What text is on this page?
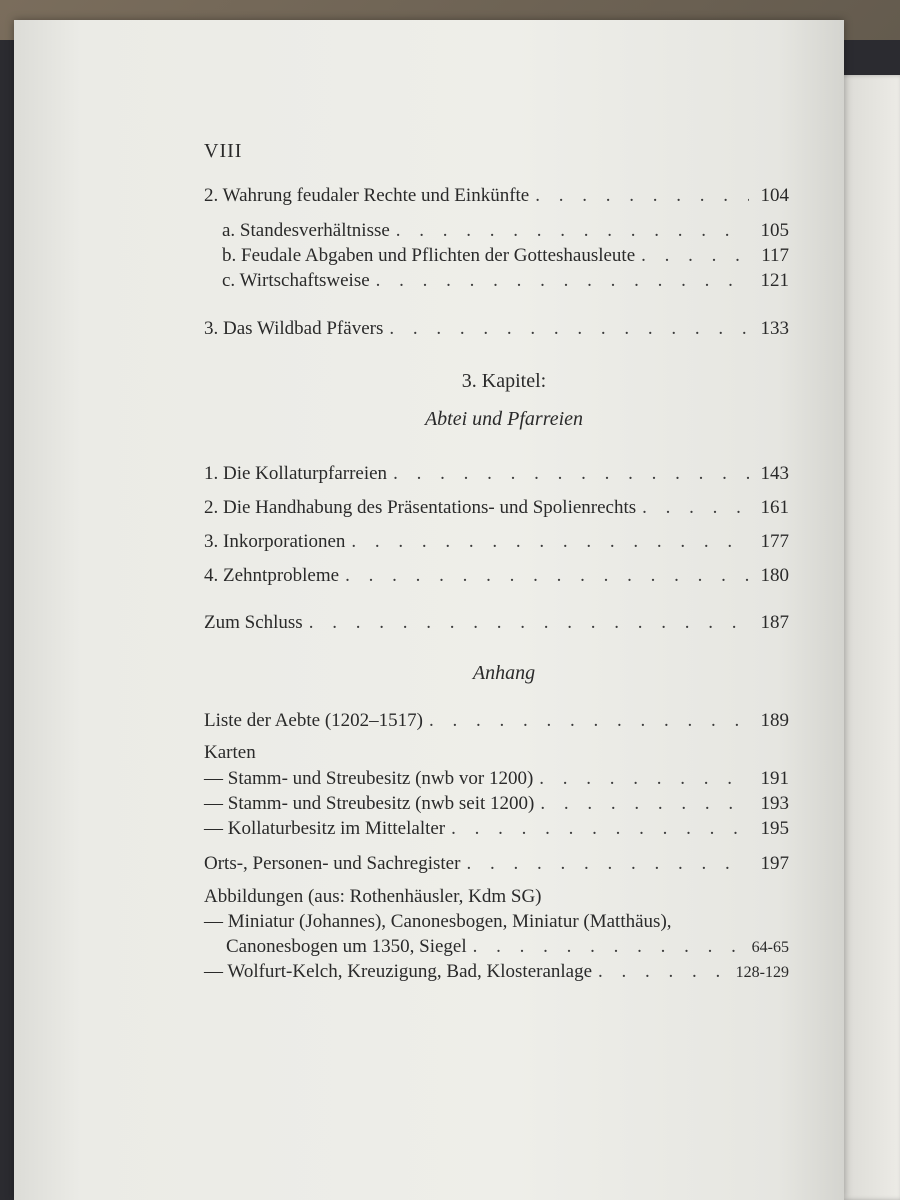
VIII
2. Wahrung feudaler Rechte und Einkünfte . . .	104
a. Standesverhältnisse . . .	105
b. Feudale Abgaben und Pflichten der Gotteshausleute . . .	117
c. Wirtschaftsweise . . .	121
3. Das Wildbad Pfävers . . .	133
3. Kapitel:
Abtei und Pfarreien
1. Die Kollaturpfarreien . . .	143
2. Die Handhabung des Präsentations- und Spolienrechts . . .	161
3. Inkorporationen . . .	177
4. Zehntprobleme . . .	180
Zum Schluss . . .	187
Anhang
Liste der Aebte (1202–1517) . . .	189
Karten
— Stamm- und Streubesitz (nwb vor 1200) . . .	191
— Stamm- und Streubesitz (nwb seit 1200) . . .	193
— Kollaturbesitz im Mittelalter . . .	195
Orts-, Personen- und Sachregister . . .	197
Abbildungen (aus: Rothenhäusler, Kdm SG)
— Miniatur (Johannes), Canonesbogen, Miniatur (Matthäus),
Canonesbogen um 1350, Siegel . . .	64-65
— Wolfurt-Kelch, Kreuzigung, Bad, Klosteranlage . . .	128-129
